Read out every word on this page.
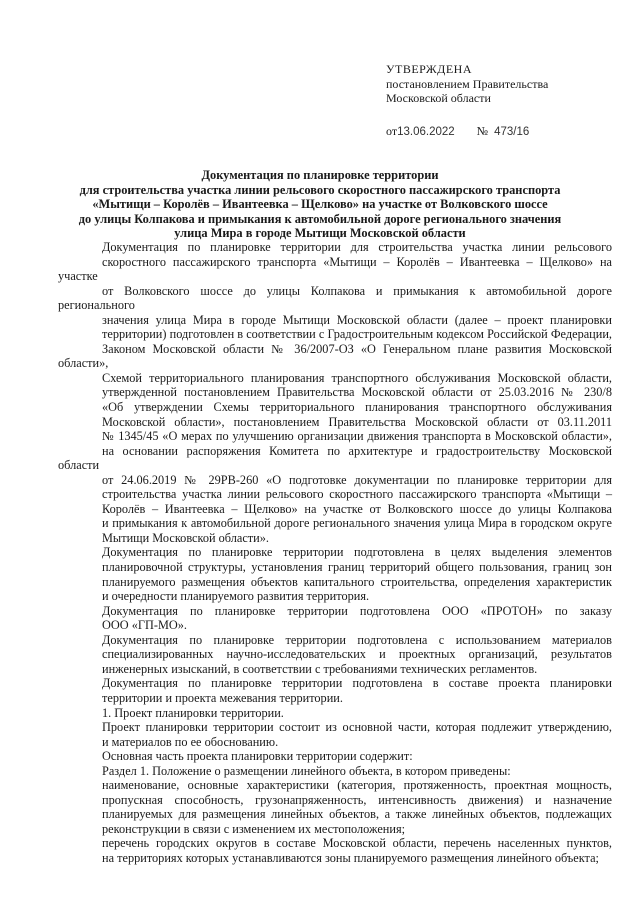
УТВЕРЖДЕНА
постановлением Правительства
Московской области
от13.06.2022 № 473/16
Документация по планировке территории
для строительства участка линии рельсового скоростного пассажирского транспорта
«Мытищи – Королёв – Ивантеевка – Щелково» на участке от Волковского шоссе
до улицы Колпакова и примыкания к автомобильной дороге регионального значения
улица Мира в городе Мытищи Московской области

Документация по планировке территории для строительства участка линии рельсового
скоростного пассажирского транспорта «Мытищи – Королёв – Ивантеевка – Щелково» на участке
от Волковского шоссе до улицы Колпакова и примыкания к автомобильной дороге регионального
значения улица Мира в городе Мытищи Московской области (далее – проект планировки
территории) подготовлен в соответствии с Градостроительным кодексом Российской Федерации,
Законом Московской области № 36/2007-ОЗ «О Генеральном плане развития Московской области»,
Схемой территориального планирования транспортного обслуживания Московской области,
утвержденной постановлением Правительства Московской области от 25.03.2016 № 230/8
«Об утверждении Схемы территориального планирования транспортного обслуживания
Московской области», постановлением Правительства Московской области от 03.11.2011
№ 1345/45 «О мерах по улучшению организации движения транспорта в Московской области»,
на основании распоряжения Комитета по архитектуре и градостроительству Московской области
от 24.06.2019 № 29РВ-260 «О подготовке документации по планировке территории для
строительства участка линии рельсового скоростного пассажирского транспорта «Мытищи –
Королёв – Ивантеевка – Щелково» на участке от Волковского шоссе до улицы Колпакова
и примыкания к автомобильной дороге регионального значения улица Мира в городском округе
Мытищи Московской области».

Документация по планировке территории подготовлена в целях выделения элементов
планировочной структуры, установления границ территорий общего пользования, границ зон
планируемого размещения объектов капитального строительства, определения характеристик
и очередности планируемого развития территория.

Документация по планировке территории подготовлена ООО «ПРОТОН» по заказу
ООО «ГП-МО».

Документация по планировке территории подготовлена с использованием материалов
специализированных научно-исследовательских и проектных организаций, результатов
инженерных изысканий, в соответствии с требованиями технических регламентов.

Документация по планировке территории подготовлена в составе проекта планировки
территории и проекта межевания территории.

1. Проект планировки территории.

Проект планировки территории состоит из основной части, которая подлежит утверждению,
и материалов по ее обоснованию.

Основная часть проекта планировки территории содержит:

Раздел 1. Положение о размещении линейного объекта, в котором приведены:

наименование, основные характеристики (категория, протяженность, проектная мощность,
пропускная способность, грузонапряженность, интенсивность движения) и назначение
планируемых для размещения линейных объектов, а также линейных объектов, подлежащих
реконструкции в связи с изменением их местоположения;

перечень городских округов в составе Московской области, перечень населенных пунктов,
на территориях которых устанавливаются зоны планируемого размещения линейного объекта;
